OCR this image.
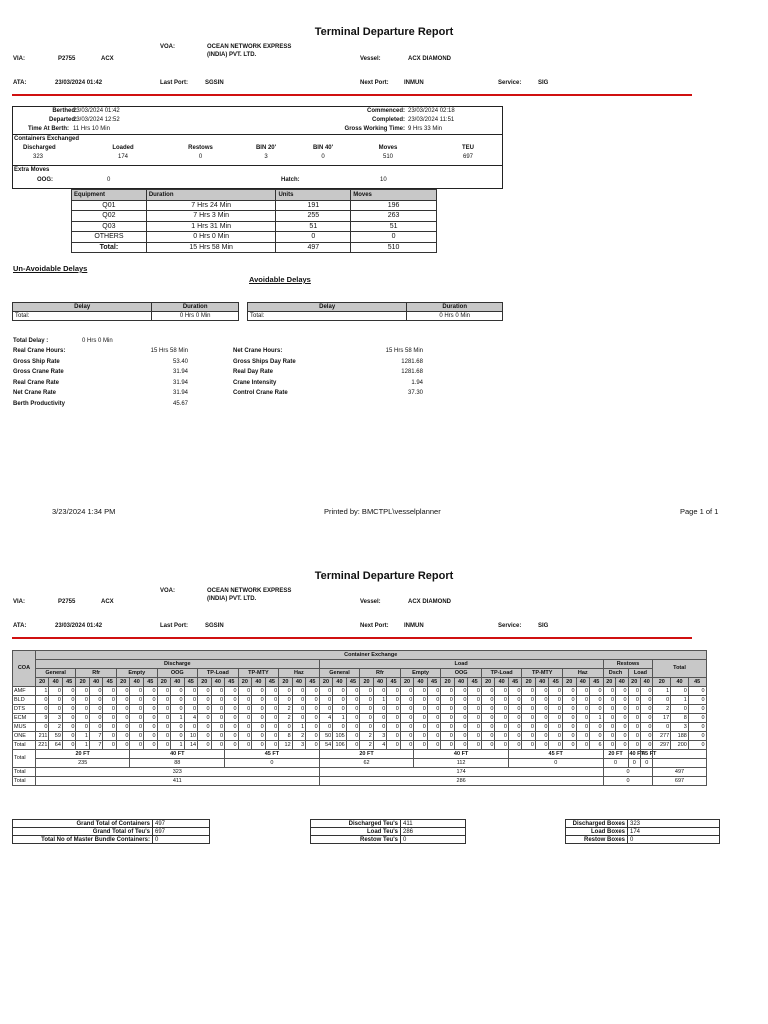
Terminal Departure Report
VIA:	P2755	ACX
VOA:	OCEAN NETWORK EXPRESS
(INDIA) PVT. LTD.
Vessel:	ACX DIAMOND
ATA:	23/03/2024 01:42	Last Port:	SGSIN	Next Port:	INMUN	Service:	SIG
Berthed:
23/03/2024 01:42
Departed:
23/03/2024 12:52
Time At Berth: 11 Hrs 10 Min
Commenced: 23/03/2024 02:18
Completed: 23/03/2024 11:51
Gross Working Time: 9 Hrs 33 Min
Containers Exchanged
Discharged	Loaded	Restows	BIN 20'	BIN 40'	Moves	TEU
323	174	0	3	0	510	697
Extra Moves
OOG:	0	Hatch:	10
Equipment	Duration	Units	Moves
Q01	7 Hrs 24 Min	191	196
Q02	7 Hrs 3 Min	255	263
Q03	1 Hrs 31 Min	51	51
OTHERS	0 Hrs 0 Min	0	0
Total:	15 Hrs 58 Min	497	510
Un-Avoidable Delays
Avoidable Delays
Delay	Duration
Total:	0 Hrs 0 Min
Delay	Duration
Total:	0 Hrs 0 Min
Total Delay :	0 Hrs 0 Min
Real Crane Hours:	15 Hrs 58 Min
Gross Ship Rate	53.40
Gross Crane Rate	31.94
Real Crane Rate	31.94
Net Crane Rate	31.94
Berth Productivity	45.67
Net Crane Hours:	15 Hrs 58 Min
Gross Ships Day Rate	1281.68
Real Day Rate	1281.68
Crane Intensity	1.94
Control Crane Rate	37.30
3/23/2024 1:34 PM	Printed by: BMCTPL\vesselplanner	Page 1 of 1
Terminal Departure Report
VIA:	P2755	ACX
VOA:	OCEAN NETWORK EXPRESS
(INDIA) PVT. LTD.	Vessel:	ACX DIAMOND
ATA:	23/03/2024 01:42	Last Port:	SGSIN	Next Port:	INMUN	Service:	SIG
COA	Container Exchange																																																
	Discharge																					Load																					Restows				Total		
	General			Rfr			Empty			OOG			TP-Load			TP-MTY			Haz			General			Rfr			Empty			OOG			TP-Load			TP-MTY			Haz			Dsch		Load				
	20	40	45	20	40	45	20	40	45	20	40	45	20	40	45	20	40	45	20	40	45	20	40	45	20	40	45	20	40	45	20	40	45	20	40	45	20	40	45	20	40	45	20	40	20	40	20	40	45
AMF	1	0	0	0	0	0	0	0	0	0	0	0	0	0	0	0	0	0	0	0	0	0	0	0	0	0	0	0	0	0	0	0	0	0	0	0	0	0	0	0	0	0	0	0	0	0	1	0	0
BLD	0	0	0	0	0	0	0	0	0	0	0	0	0	0	0	0	0	0	0	0	0	0	0	0	0	1	0	0	0	0	0	0	0	0	0	0	0	0	0	0	0	0	0	0	0	0	0	1	0
DTS	0	0	0	0	0	0	0	0	0	0	0	0	0	0	0	0	0	0	2	0	0	0	0	0	0	0	0	0	0	0	0	0	0	0	0	0	0	0	0	0	0	0	0	0	0	0	2	0	0
ECM	9	3	0	0	0	0	0	0	0	0	1	4	0	0	0	0	0	0	2	0	0	4	1	0	0	0	0	0	0	0	0	0	0	0	0	0	0	0	0	0	0	1	0	0	0	0	17	8	0
MUS	0	2	0	0	0	0	0	0	0	0	0	0	0	0	0	0	0	0	0	1	0	0	0	0	0	0	0	0	0	0	0	0	0	0	0	0	0	0	0	0	0	0	0	0	0	0	0	3	0
ONE	211	59	0	1	7	0	0	0	0	0	0	10	0	0	0	0	0	0	8	2	0	50	105	0	2	3	0	0	0	0	0	0	0	0	0	0	0	0	0	0	0	0	0	0	0	0	277	188	0
Total	221	64	0	1	7	0	0	0	0	0	1	14	0	0	0	0	0	0	12	3	0	54	106	0	2	4	0	0	0	0	0	0	0	0	0	0	0	0	0	0	0	6	0	0	0	0	297	200	0
Total	20 FT							40 FT							45 FT							20 FT							40 FT							45 FT							20 FT		40 FT	45 FT			
	235							88							0							62							112							0							0		0	0			
Total	323																					174																					0				497		
Total	411																					286																					0				697		
Grand Total of Containers	497
Grand Total of Teu's	697
Total No of Master Bundle Containers:	0
Discharged Teu's	411
Load Teu's	286
Restow Teu's	0
Discharged Boxes	323
Load Boxes	174
Restow Boxes	0
